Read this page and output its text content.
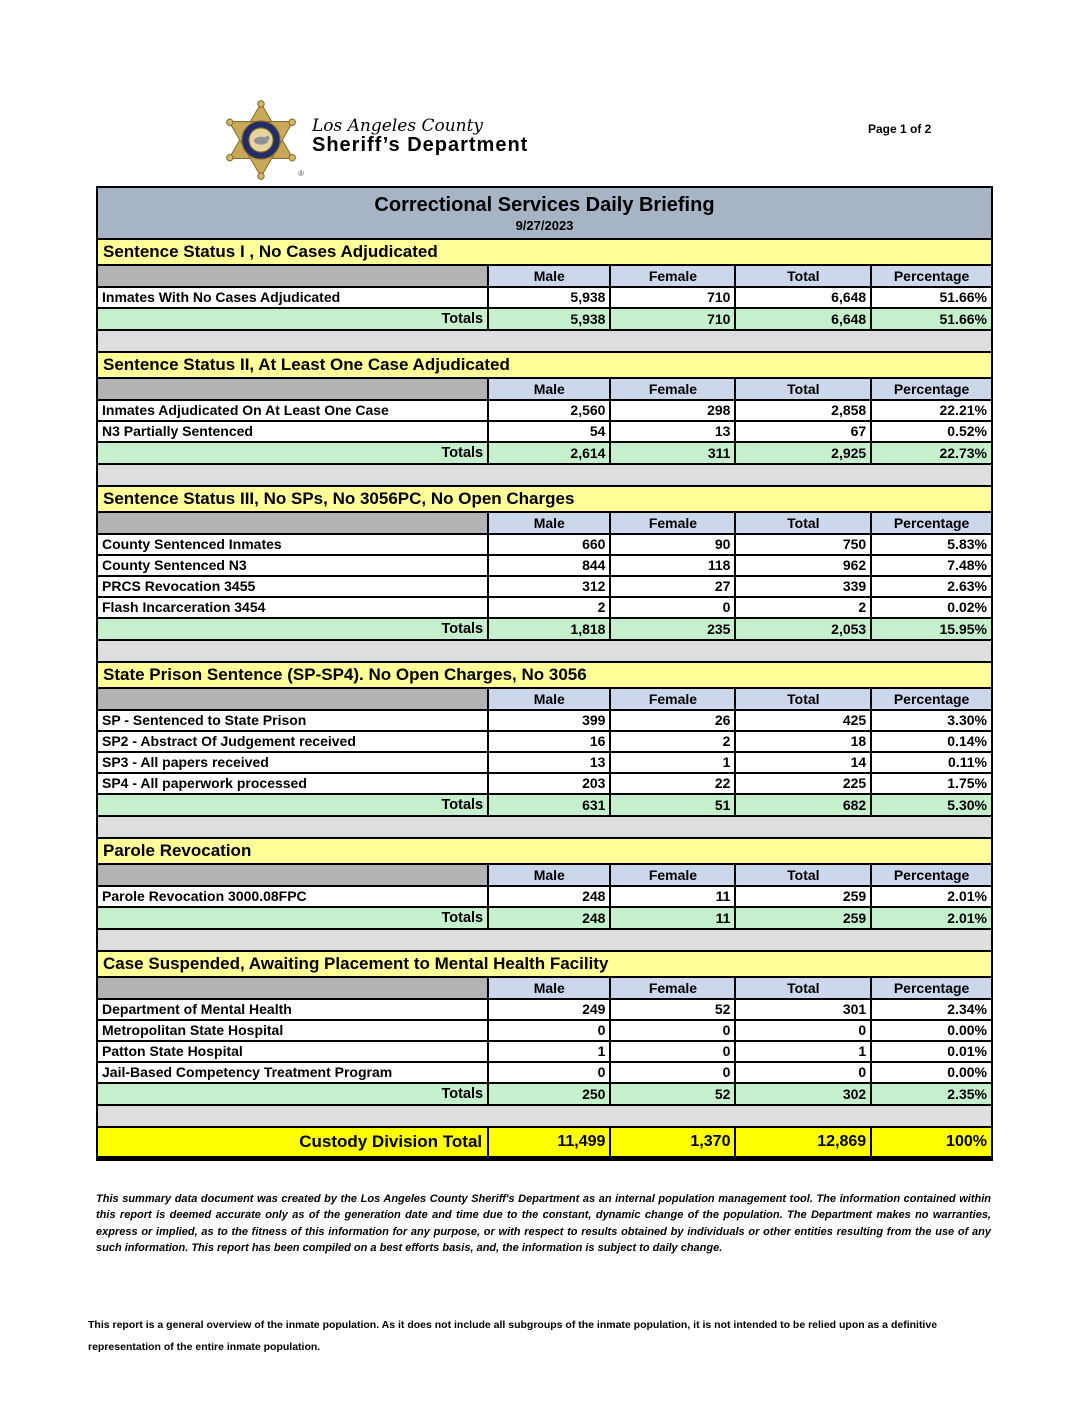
®
Los Angeles County
Sheriff’s Department
Page 1 of 2
Correctional Services Daily Briefing
9/27/2023
Sentence Status I , No Cases Adjudicated
Male	Female	Total	Percentage
Inmates With No Cases Adjudicated	5,938	710	6,648	51.66%
Totals	5,938	710	6,648	51.66%
Sentence Status II, At Least One Case Adjudicated
Male	Female	Total	Percentage
Inmates Adjudicated On At Least One Case	2,560	298	2,858	22.21%
N3 Partially Sentenced	54	13	67	0.52%
Totals	2,614	311	2,925	22.73%
Sentence Status III, No SPs, No 3056PC, No Open Charges
Male	Female	Total	Percentage
County Sentenced Inmates	660	90	750	5.83%
County Sentenced N3	844	118	962	7.48%
PRCS Revocation 3455	312	27	339	2.63%
Flash Incarceration 3454	2	0	2	0.02%
Totals	1,818	235	2,053	15.95%
State Prison Sentence (SP-SP4). No Open Charges, No 3056
Male	Female	Total	Percentage
SP - Sentenced to State Prison	399	26	425	3.30%
SP2 - Abstract Of Judgement received	16	2	18	0.14%
SP3 - All papers received	13	1	14	0.11%
SP4 - All paperwork processed	203	22	225	1.75%
Totals	631	51	682	5.30%
Parole Revocation
Male	Female	Total	Percentage
Parole Revocation 3000.08FPC	248	11	259	2.01%
Totals	248	11	259	2.01%
Case Suspended, Awaiting Placement to Mental Health Facility
Male	Female	Total	Percentage
Department of Mental Health	249	52	301	2.34%
Metropolitan State Hospital	0	0	0	0.00%
Patton State Hospital	1	0	1	0.01%
Jail-Based Competency Treatment Program	0	0	0	0.00%
Totals	250	52	302	2.35%
Custody Division Total	11,499	1,370	12,869	100%

This summary data document was created by the Los Angeles County Sheriff's Department as an internal population management tool. The information contained within this report is deemed accurate only as of the generation date and time due to the constant, dynamic change of the population. The Department makes no warranties, express or implied, as to the fitness of this information for any purpose, or with respect to results obtained by individuals or other entities resulting from the use of any such information. This report has been compiled on a best efforts basis, and, the information is subject to daily change.

This report is a general overview of the inmate population. As it does not include all subgroups of the inmate population, it is not intended to be relied upon as a definitive representation of the entire inmate population.
